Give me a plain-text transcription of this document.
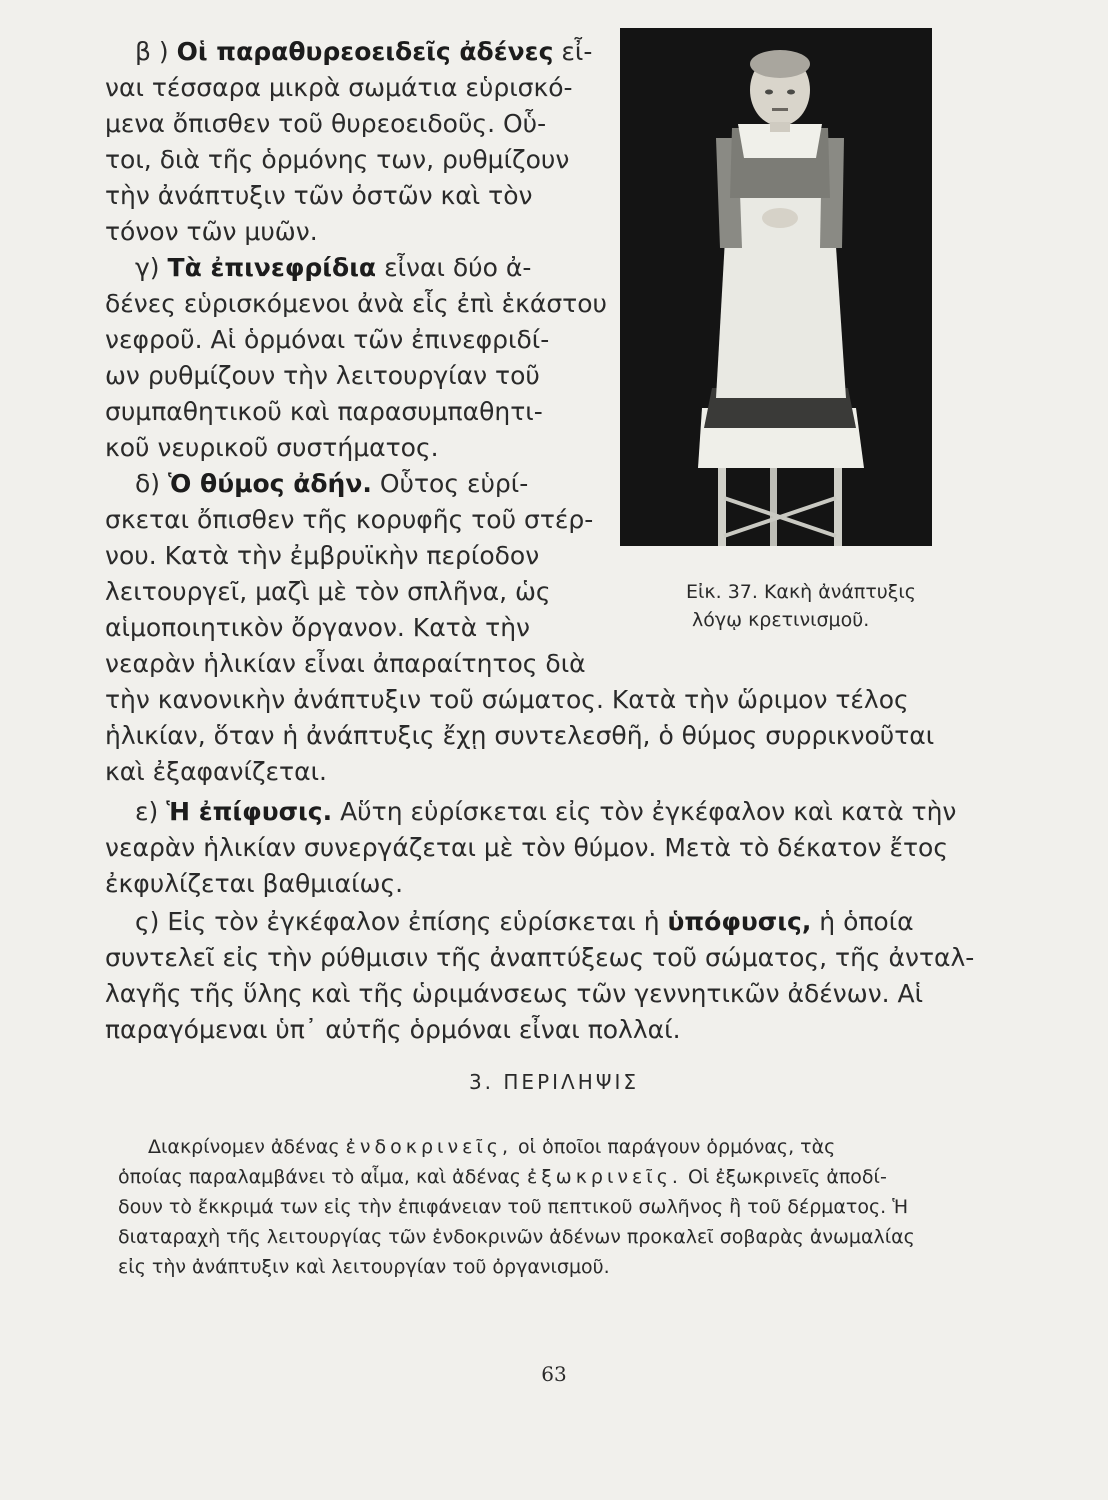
β ) Οἱ παραθυρεοειδεῖς ἀδένες εἶ-
ναι τέσσαρα μικρὰ σωμάτια εὑρισκό-
μενα ὄπισθεν τοῦ θυρεοειδοῦς. Οὗ-
τοι, διὰ τῆς ὁρμόνης των, ρυθμίζουν
τὴν ἀνάπτυξιν τῶν ὀστῶν καὶ τὸν
τόνον τῶν μυῶν.
γ) Τὰ ἐπινεφρίδια εἶναι δύο ἀ-
δένες εὑρισκόμενοι ἀνὰ εἷς ἐπὶ ἑκάστου
νεφροῦ. Αἱ ὁρμόναι τῶν ἐπινεφριδί-
ων ρυθμίζουν τὴν λειτουργίαν τοῦ
συμπαθητικοῦ καὶ παρασυμπαθητι-
κοῦ νευρικοῦ συστήματος.
δ) Ὁ θύμος ἀδήν. Οὗτος εὑρί-
σκεται ὄπισθεν τῆς κορυφῆς τοῦ στέρ-
νου. Κατὰ τὴν ἐμβρυϊκὴν περίοδον
λειτουργεῖ, μαζὶ μὲ τὸν σπλῆνα, ὡς
αἱμοποιητικὸν ὄργανον. Κατὰ τὴν
νεαρὰν ἡλικίαν εἶναι ἀπαραίτητος διὰ
τὴν κανονικὴν ἀνάπτυξιν τοῦ σώματος. Κατὰ τὴν ὥριμον τέλος
ἡλικίαν, ὅταν ἡ ἀνάπτυξις ἔχῃ συντελεσθῆ, ὁ θύμος συρρικνοῦται
καὶ ἐξαφανίζεται.
ε) Ἡ ἐπίφυσις. Αὕτη εὑρίσκεται εἰς τὸν ἐγκέφαλον καὶ κατὰ τὴν
νεαρὰν ἡλικίαν συνεργάζεται μὲ τὸν θύμον. Μετὰ τὸ δέκατον ἔτος
ἐκφυλίζεται βαθμιαίως.
ς) Εἰς τὸν ἐγκέφαλον ἐπίσης εὑρίσκεται ἡ ὑπόφυσις, ἡ ὁποία
συντελεῖ εἰς τὴν ρύθμισιν τῆς ἀναπτύξεως τοῦ σώματος, τῆς ἀνταλ-
λαγῆς τῆς ὕλης καὶ τῆς ὡριμάνσεως τῶν γεννητικῶν ἀδένων. Αἱ
παραγόμεναι ὑπ᾽ αὐτῆς ὁρμόναι εἶναι πολλαί.
Εἰκ. 37. Κακὴ ἀνάπτυξις
λόγῳ κρετινισμοῦ.
3. ΠΕΡΙΛΗΨΙΣ
Διακρίνομεν ἀδένας ἐνδοκρινεῖς, οἱ ὁποῖοι παράγουν ὁρμόνας, τὰς
ὁποίας παραλαμβάνει τὸ αἷμα, καὶ ἀδένας ἐξωκρινεῖς. Οἱ ἐξωκρινεῖς ἀποδί-
δουν τὸ ἔκκριμά των εἰς τὴν ἐπιφάνειαν τοῦ πεπτικοῦ σωλῆνος ἢ τοῦ δέρματος. Ἡ
διαταραχὴ τῆς λειτουργίας τῶν ἐνδοκρινῶν ἀδένων προκαλεῖ σοβαρὰς ἀνωμαλίας
εἰς τὴν ἀνάπτυξιν καὶ λειτουργίαν τοῦ ὀργανισμοῦ.
63
